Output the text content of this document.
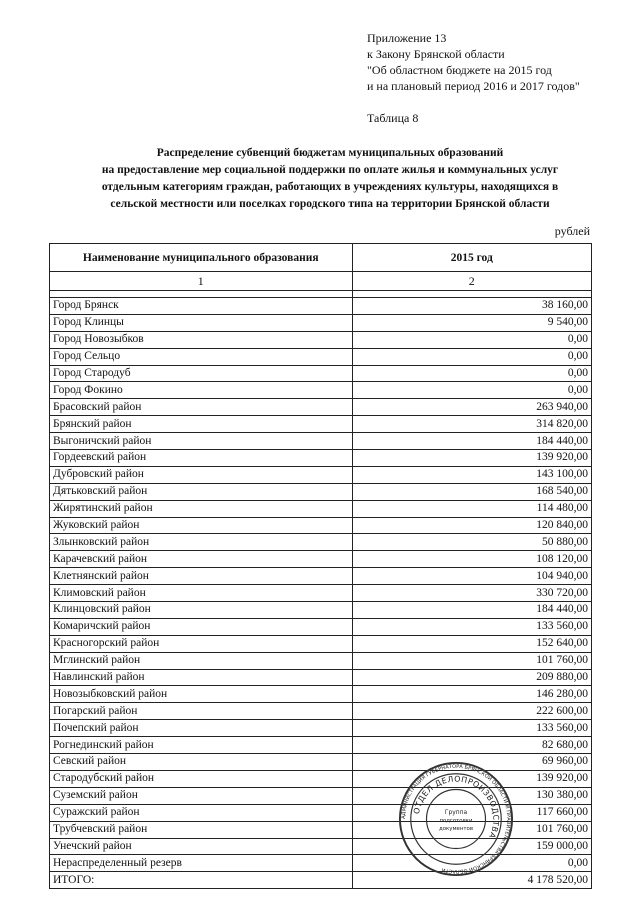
Приложение 13
к Закону Брянской области
"Об областном бюджете на 2015 год
и на плановый период 2016 и 2017 годов"
Таблица 8
Распределение субвенций бюджетам муниципальных образований
на предоставление мер социальной поддержки по оплате жилья и коммунальных услуг
отдельным категориям граждан, работающих в учреждениях культуры, находящихся в
сельской местности или поселках городского типа на территории Брянской области
рублей
Наименование муниципального образования	2015 год
1	2

Город Брянск	38 160,00
Город Клинцы	9 540,00
Город Новозыбков	0,00
Город Сельцо	0,00
Город Стародуб	0,00
Город Фокино	0,00
Брасовский район	263 940,00
Брянский район	314 820,00
Выгоничский район	184 440,00
Гордеевский район	139 920,00
Дубровский район	143 100,00
Дятьковский район	168 540,00
Жирятинский район	114 480,00
Жуковский район	120 840,00
Злынковский район	50 880,00
Карачевский район	108 120,00
Клетнянский район	104 940,00
Климовский район	330 720,00
Клинцовский район	184 440,00
Комаричский район	133 560,00
Красногорский район	152 640,00
Мглинский район	101 760,00
Навлинский район	209 880,00
Новозыбковский район	146 280,00
Погарский район	222 600,00
Почепский район	133 560,00
Рогнединский район	82 680,00
Севский район	69 960,00
Стародубский район	139 920,00
Суземский район	130 380,00
Суражский район	117 660,00
Трубчевский район	101 760,00
Унечский район	159 000,00
Нераспределенный резерв	0,00
ИТОГО:	4 178 520,00
АДМИНИСТРАЦИЯ ГУБЕРНАТОРА БРЯНСКОЙ ОБЛАСТИ И ПРАВИТЕЛЬСТВА БРЯНСКОЙ ОБЛАСТИ
ОТДЕЛ ДЕЛОПРОИЗВОДСТВА
Группа
подготовки
документов
